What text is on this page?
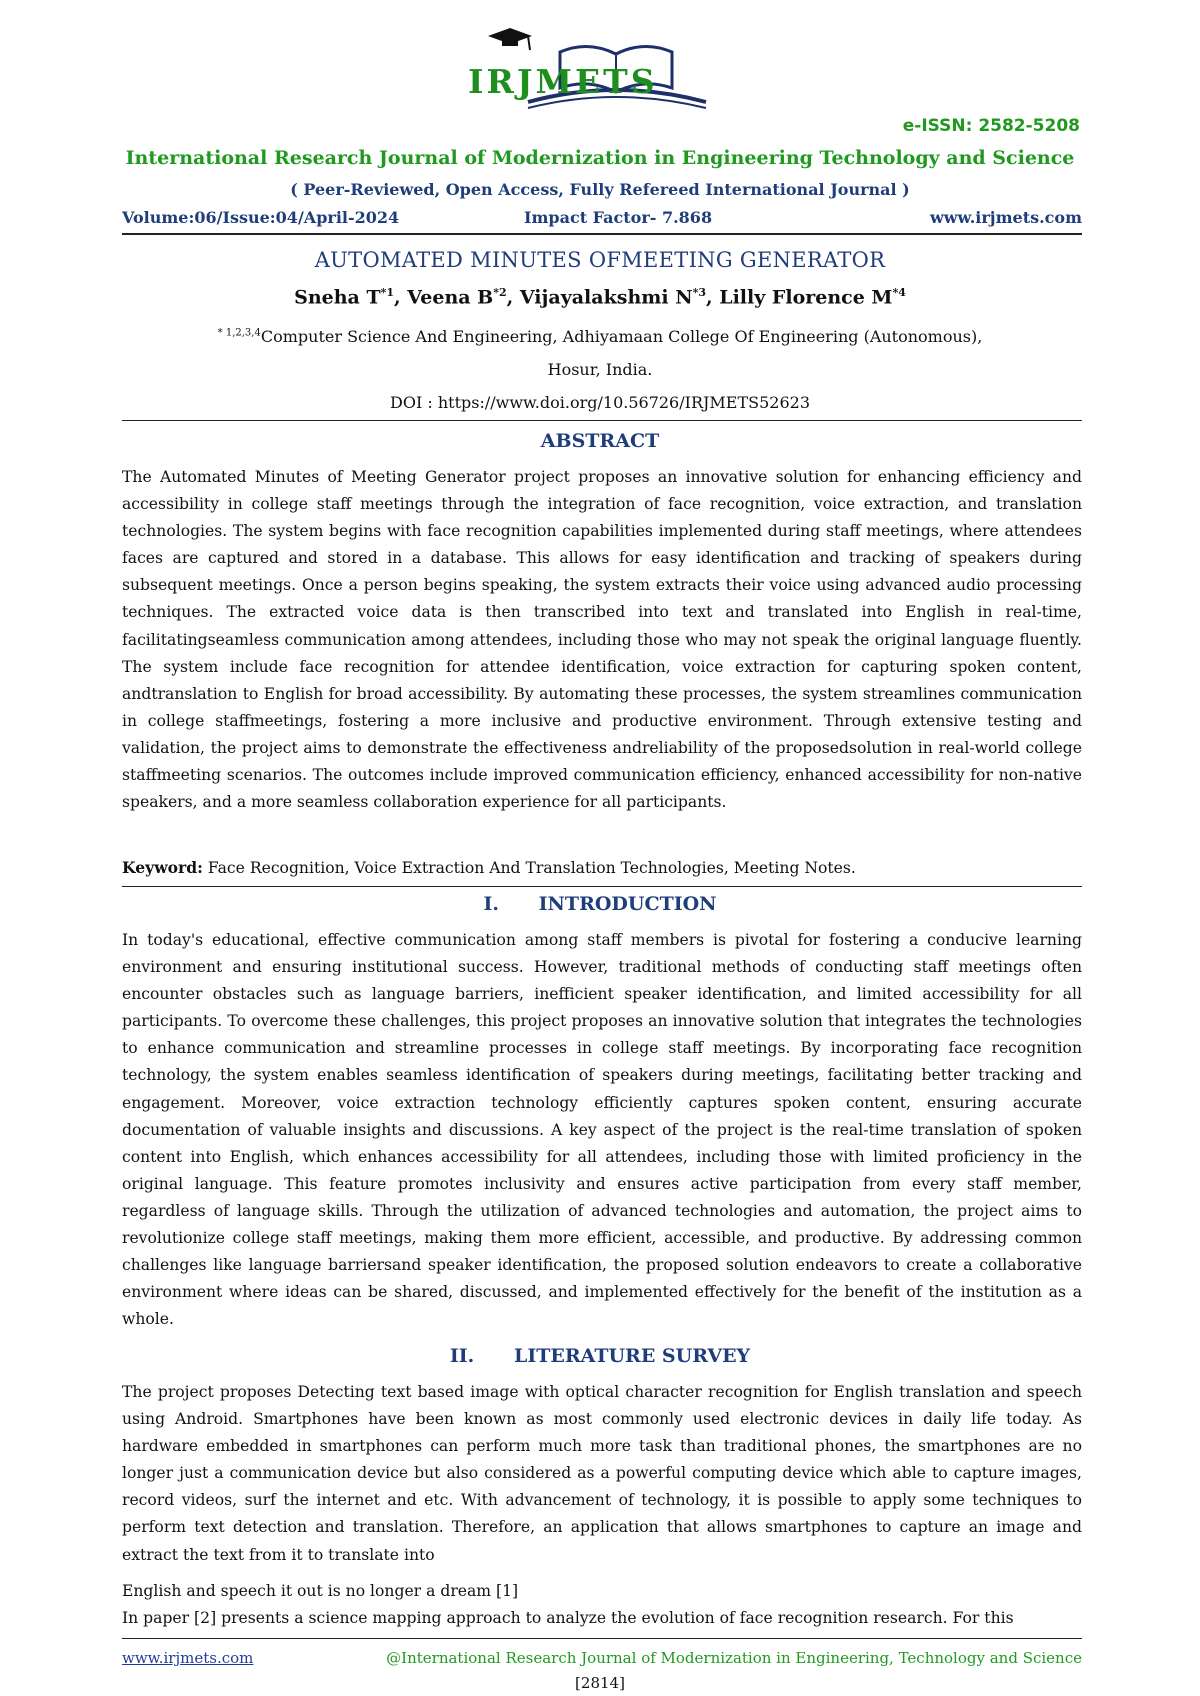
IRJMETS
e-ISSN: 2582-5208
International Research Journal of Modernization in Engineering Technology and Science
( Peer-Reviewed, Open Access, Fully Refereed International Journal )
Volume:06/Issue:04/April-2024	Impact Factor- 7.868	www.irjmets.com
AUTOMATED MINUTES OFMEETING GENERATOR
Sneha $T^{*1}$, Veena $B^{*2}$, Vijayalakshmi $N^{*3}$, Lilly Florence $M^{*4}$
$^{* 1,2,3,4}$Computer Science And Engineering, Adhiyamaan College Of Engineering (Autonomous),
Hosur, India.
DOI : https://www.doi.org/10.56726/IRJMETS52623
ABSTRACT
The Automated Minutes of Meeting Generator project proposes an innovative solution for enhancing efficiency and accessibility in college staff meetings through the integration of face recognition, voice extraction, and translation technologies. The system begins with face recognition capabilities implemented during staff meetings, where attendees faces are captured and stored in a database. This allows for easy identification and tracking of speakers during subsequent meetings. Once a person begins speaking, the system extracts their voice using advanced audio processing techniques. The extracted voice data is then transcribed into text and translated into English in real-time, facilitatingseamless communication among attendees, including those who may not speak the original language fluently. The system include face recognition for attendee identification, voice extraction for capturing spoken content, andtranslation to English for broad accessibility. By automating these processes, the system streamlines communication in college staffmeetings, fostering a more inclusive and productive environment. Through extensive testing and validation, the project aims to demonstrate the effectiveness andreliability of the proposedsolution in real-world college staffmeeting scenarios. The outcomes include improved communication efficiency, enhanced accessibility for non-native speakers, and a more seamless collaboration experience for all participants.
Keyword: Face Recognition, Voice Extraction And Translation Technologies, Meeting Notes.
I. INTRODUCTION
In today's educational, effective communication among staff members is pivotal for fostering a conducive learning environment and ensuring institutional success. However, traditional methods of conducting staff meetings often encounter obstacles such as language barriers, inefficient speaker identification, and limited accessibility for all participants. To overcome these challenges, this project proposes an innovative solution that integrates the technologies to enhance communication and streamline processes in college staff meetings. By incorporating face recognition technology, the system enables seamless identification of speakers during meetings, facilitating better tracking and engagement. Moreover, voice extraction technology efficiently captures spoken content, ensuring accurate documentation of valuable insights and discussions. A key aspect of the project is the real-time translation of spoken content into English, which enhances accessibility for all attendees, including those with limited proficiency in the original language. This feature promotes inclusivity and ensures active participation from every staff member, regardless of language skills. Through the utilization of advanced technologies and automation, the project aims to revolutionize college staff meetings, making them more efficient, accessible, and productive. By addressing common challenges like language barriersand speaker identification, the proposed solution endeavors to create a collaborative environment where ideas can be shared, discussed, and implemented effectively for the benefit of the institution as a whole.
II. LITERATURE SURVEY
The project proposes Detecting text based image with optical character recognition for English translation and speech using Android. Smartphones have been known as most commonly used electronic devices in daily life today. As hardware embedded in smartphones can perform much more task than traditional phones, the smartphones are no longer just a communication device but also considered as a powerful computing device which able to capture images, record videos, surf the internet and etc. With advancement of technology, it is possible to apply some techniques to perform text detection and translation. Therefore, an application that allows smartphones to capture an image and extract the text from it to translate into
English and speech it out is no longer a dream [1]
In paper [2] presents a science mapping approach to analyze the evolution of face recognition research. For this
www.irjmets.com	@International Research Journal of Modernization in Engineering, Technology and Science
[2814]
